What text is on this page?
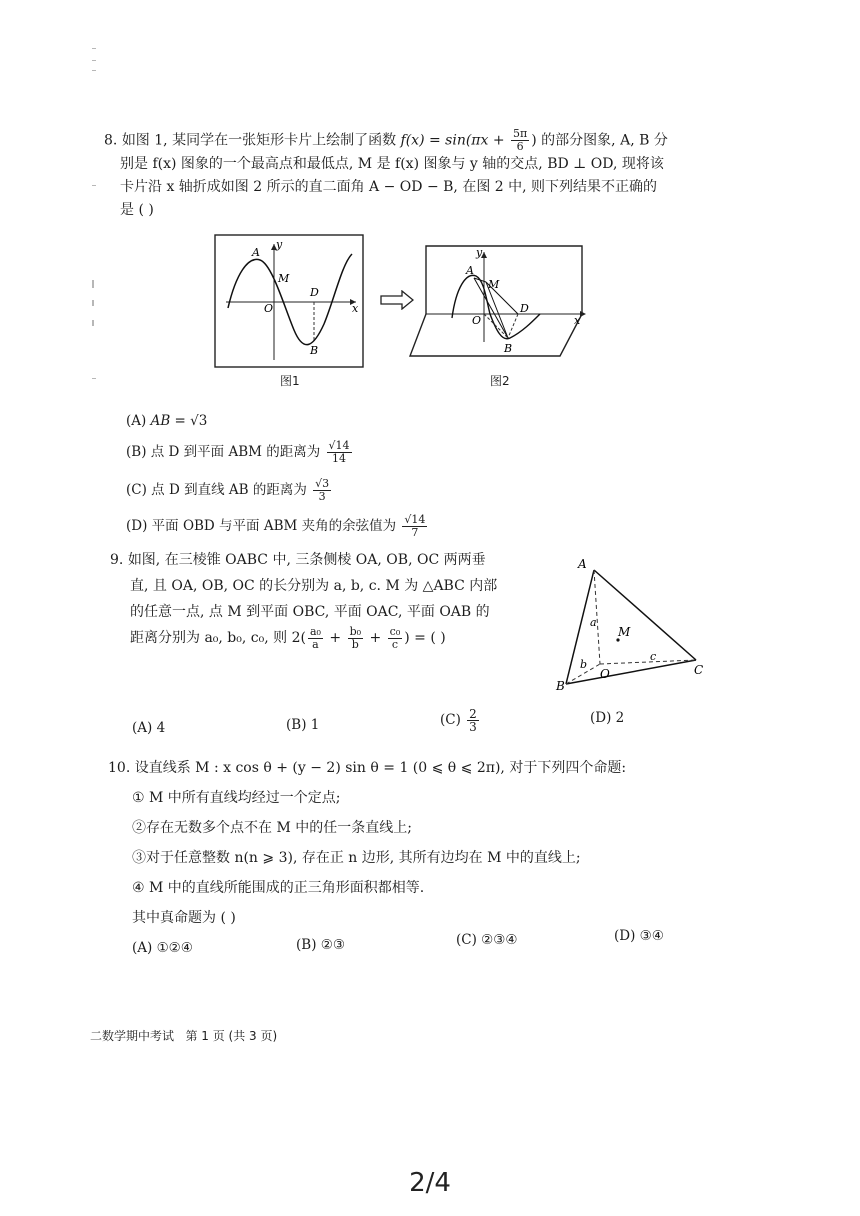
8. 如图 1, 某同学在一张矩形卡片上绘制了函数 $f(x) = \sin(\pi x + \frac{5\pi}{6}$ ) 的部分图象, A, B 分
别是 f(x) 图象的一个最高点和最低点, M 是 f(x) 图象与 y 轴的交点, BD ⊥ OD, 现将该
卡片沿 x 轴折成如图 2 所示的直二面角 A − OD − B, 在图 2 中, 则下列结果不正确的
是 ( )
A
M
O
D
B
x
y
图1
A
M
O
D
B
x
y
图2
(A) AB = √3
(B) 点 D 到平面 ABM 的距离为 $\frac{√14}{14}$
(C) 点 D 到直线 AB 的距离为 $\frac{√3}{3}$
(D) 平面 OBD 与平面 ABM 夹角的余弦值为 $\frac{√14}{7}$
9. 如图, 在三棱锥 OABC 中, 三条侧棱 OA, OB, OC 两两垂
直, 且 OA, OB, OC 的长分别为 a, b, c. M 为 △ABC 内部
的任意一点, 点 M 到平面 OBC, 平面 OAC, 平面 OAB 的
距离分别为 a₀, b₀, c₀, 则 $2( \frac{\text{a₀}}{a} + \frac{\text{b₀}}{b} + \frac{\text{c₀}}{c}$ ) = ( )
A
B
C
O
M
a
b
c
(A) 4	(B) 1	$(C) \frac{2}{3}$	(D) 2
10. 设直线系 M : x cos θ + (y − 2) sin θ = 1 (0 ⩽ θ ⩽ 2π), 对于下列四个命题:
① M 中所有直线均经过一个定点;
②存在无数多个点不在 M 中的任一条直线上;
③对于任意整数 n(n ⩾ 3), 存在正 n 边形, 其所有边均在 M 中的直线上;
④ M 中的直线所能围成的正三角形面积都相等.
其中真命题为 ( )
(A) ①②④	(B) ②③	(C) ②③④	(D) ③④
二数学期中考试   第 1 页 (共 3 页)
2/4
